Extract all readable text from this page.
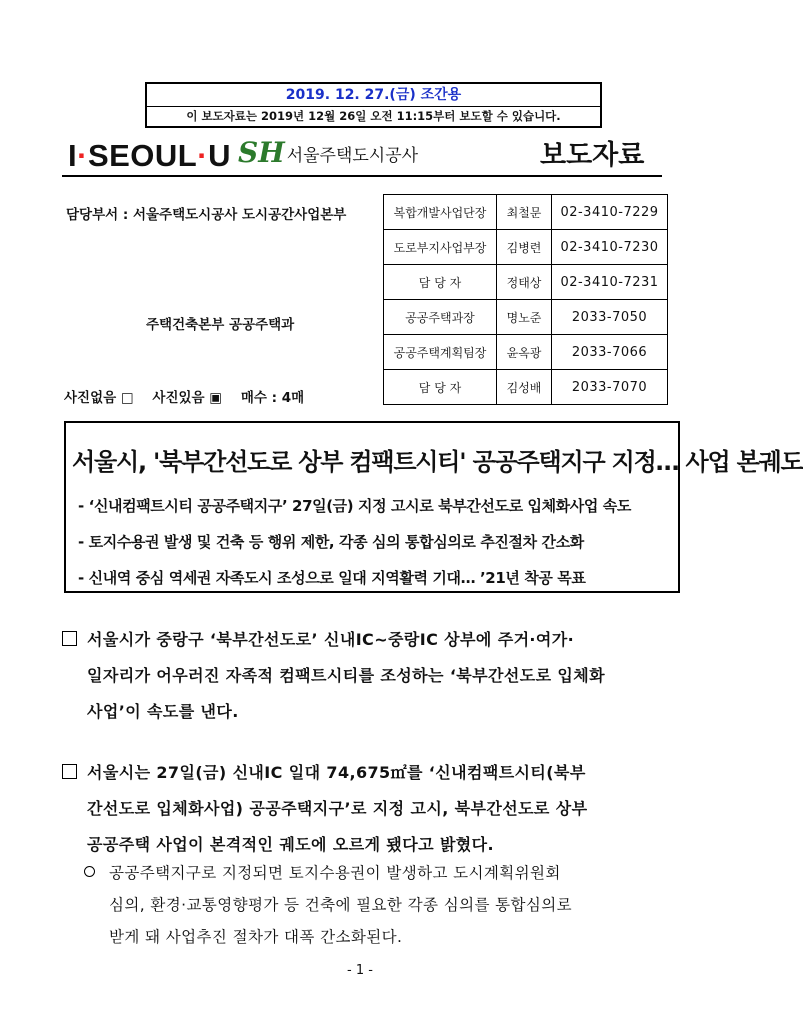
2019. 12. 27.(금) 조간용
이 보도자료는 2019년 12월 26일 오전 11:15부터 보도할 수 있습니다.
I·SEOUL·U SH 서울주택도시공사	보도자료
담당부서 : 서울주택도시공사 도시공간사업본부
주택건축본부 공공주택과
사진없음 □    사진있음 ▣    매수 : 4매
복합개발사업단장	최철문	02-3410-7229
도로부지사업부장	김병련	02-3410-7230
담 당 자	정태상	02-3410-7231
공공주택과장	명노준	2033-7050
공공주택계획팀장	윤옥광	2033-7066
담 당 자	김성배	2033-7070
서울시, '북부간선도로 상부 컴팩트시티' 공공주택지구 지정… 사업 본궤도
- ‘신내컴팩트시티 공공주택지구’ 27일(금) 지정 고시로 북부간선도로 입체화사업 속도
- 토지수용권 발생 및 건축 등 행위 제한, 각종 심의 통합심의로 추진절차 간소화
- 신내역 중심 역세권 자족도시 조성으로 일대 지역활력 기대… ’21년 착공 목표
서울시가 중랑구 ‘북부간선도로’ 신내IC~중랑IC 상부에 주거·여가·
일자리가 어우러진 자족적 컴팩트시티를 조성하는 ‘북부간선도로 입체화
사업’이 속도를 낸다.
서울시는 27일(금) 신내IC 일대 74,675㎡를 ‘신내컴팩트시티(북부
간선도로 입체화사업) 공공주택지구’로 지정 고시, 북부간선도로 상부
공공주택 사업이 본격적인 궤도에 오르게 됐다고 밝혔다.
공공주택지구로 지정되면 토지수용권이 발생하고 도시계획위원회
심의, 환경·교통영향평가 등 건축에 필요한 각종 심의를 통합심의로
받게 돼 사업추진 절차가 대폭 간소화된다.
- 1 -
